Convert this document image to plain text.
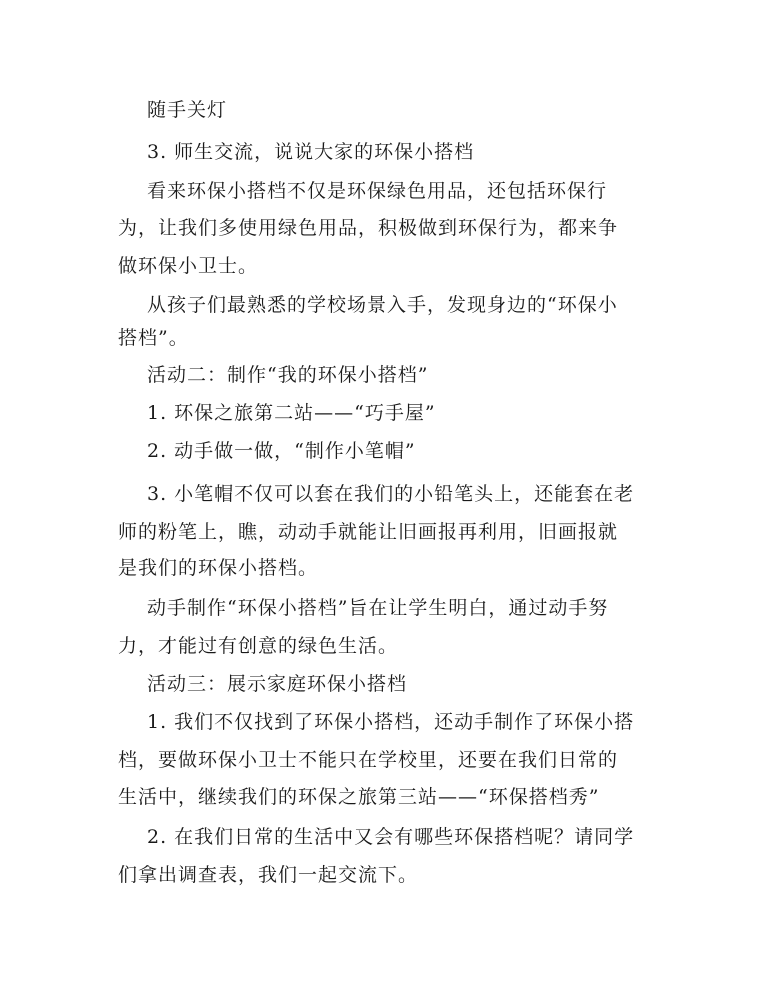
随手关灯
3. 师生交流，说说大家的环保小搭档
看来环保小搭档不仅是环保绿色用品，还包括环保行
为，让我们多使用绿色用品，积极做到环保行为，都来争
做环保小卫士。
从孩子们最熟悉的学校场景入手，发现身边的“环保小
搭档”。
活动二：制作“我的环保小搭档”
1. 环保之旅第二站——“巧手屋”
2. 动手做一做，“制作小笔帽”
3. 小笔帽不仅可以套在我们的小铅笔头上，还能套在老
师的粉笔上，瞧，动动手就能让旧画报再利用，旧画报就
是我们的环保小搭档。
动手制作“环保小搭档”旨在让学生明白，通过动手努
力，才能过有创意的绿色生活。
活动三：展示家庭环保小搭档
1. 我们不仅找到了环保小搭档，还动手制作了环保小搭
档，要做环保小卫士不能只在学校里，还要在我们日常的
生活中，继续我们的环保之旅第三站——“环保搭档秀”
2. 在我们日常的生活中又会有哪些环保搭档呢？请同学
们拿出调查表，我们一起交流下。
